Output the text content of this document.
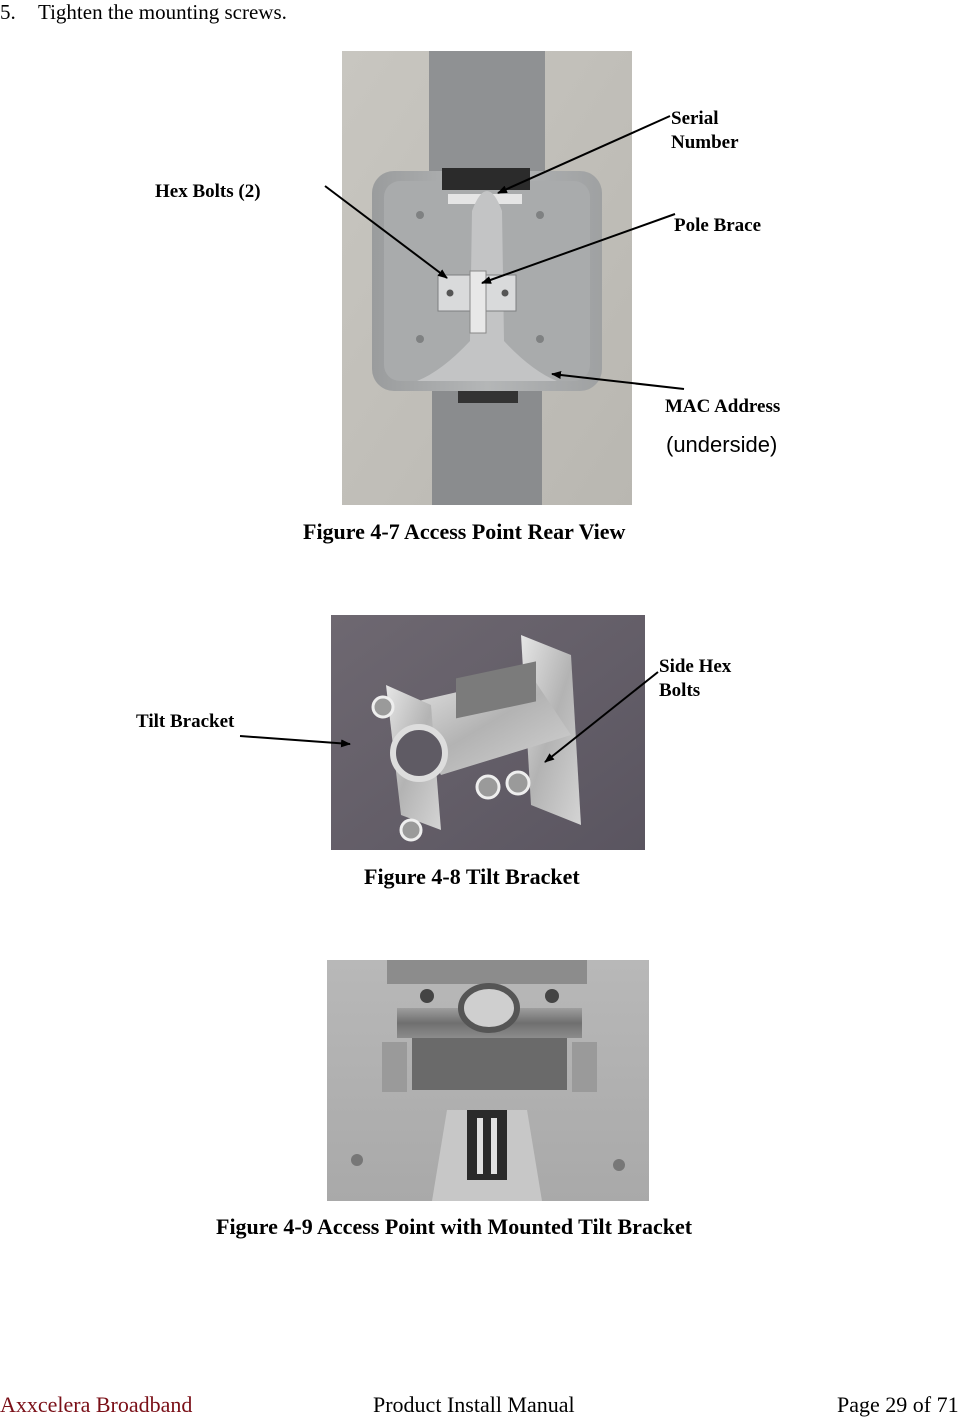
5. Tighten the mounting screws.
Serial
Number
Hex Bolts (2)
Pole Brace
MAC Address
(underside)
Figure 4-7 Access Point Rear View
Side Hex
Bolts
Tilt Bracket
Figure 4-8 Tilt Bracket
Figure 4-9 Access Point with Mounted Tilt Bracket
Axxcelera Broadband	Product Install Manual	Page 29 of 71
